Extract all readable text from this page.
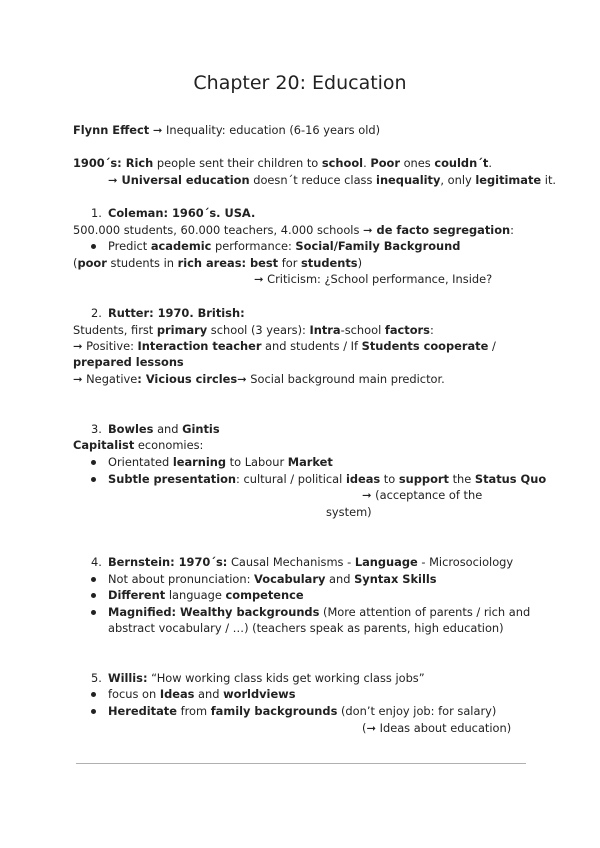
Chapter 20: Education
Flynn Effect ➞ Inequality: education (6-16 years old)
1900´s: Rich people sent their children to school. Poor ones couldn´t.
➞ Universal education doesn´t reduce class inequality, only legitimate it.
1. Coleman: 1960´s. USA.
500.000 students, 60.000 teachers, 4.000 schools ➞ de facto segregation:
Predict academic performance: Social/Family Background
(poor students in rich areas: best for students)
➞ Criticism: ¿School performance, Inside?
2. Rutter: 1970. British:
Students, first primary school (3 years): Intra-school factors:
➞ Positive: Interaction teacher and students / If Students cooperate /
prepared lessons
➞ Negative: Vicious circles➞ Social background main predictor.
3. Bowles and Gintis
Capitalist economies:
Orientated learning to Labour Market
Subtle presentation: cultural / political ideas to support the Status Quo
➞ (acceptance of the
system)
4. Bernstein: 1970´s: Causal Mechanisms - Language - Microsociology
Not about pronunciation: Vocabulary and Syntax Skills
Different language competence
Magnified: Wealthy backgrounds (More attention of parents / rich and
abstract vocabulary / …) (teachers speak as parents, high education)
5. Willis: “How working class kids get working class jobs”
focus on Ideas and worldviews
Hereditate from family backgrounds (don’t enjoy job: for salary)
(➞ Ideas about education)
